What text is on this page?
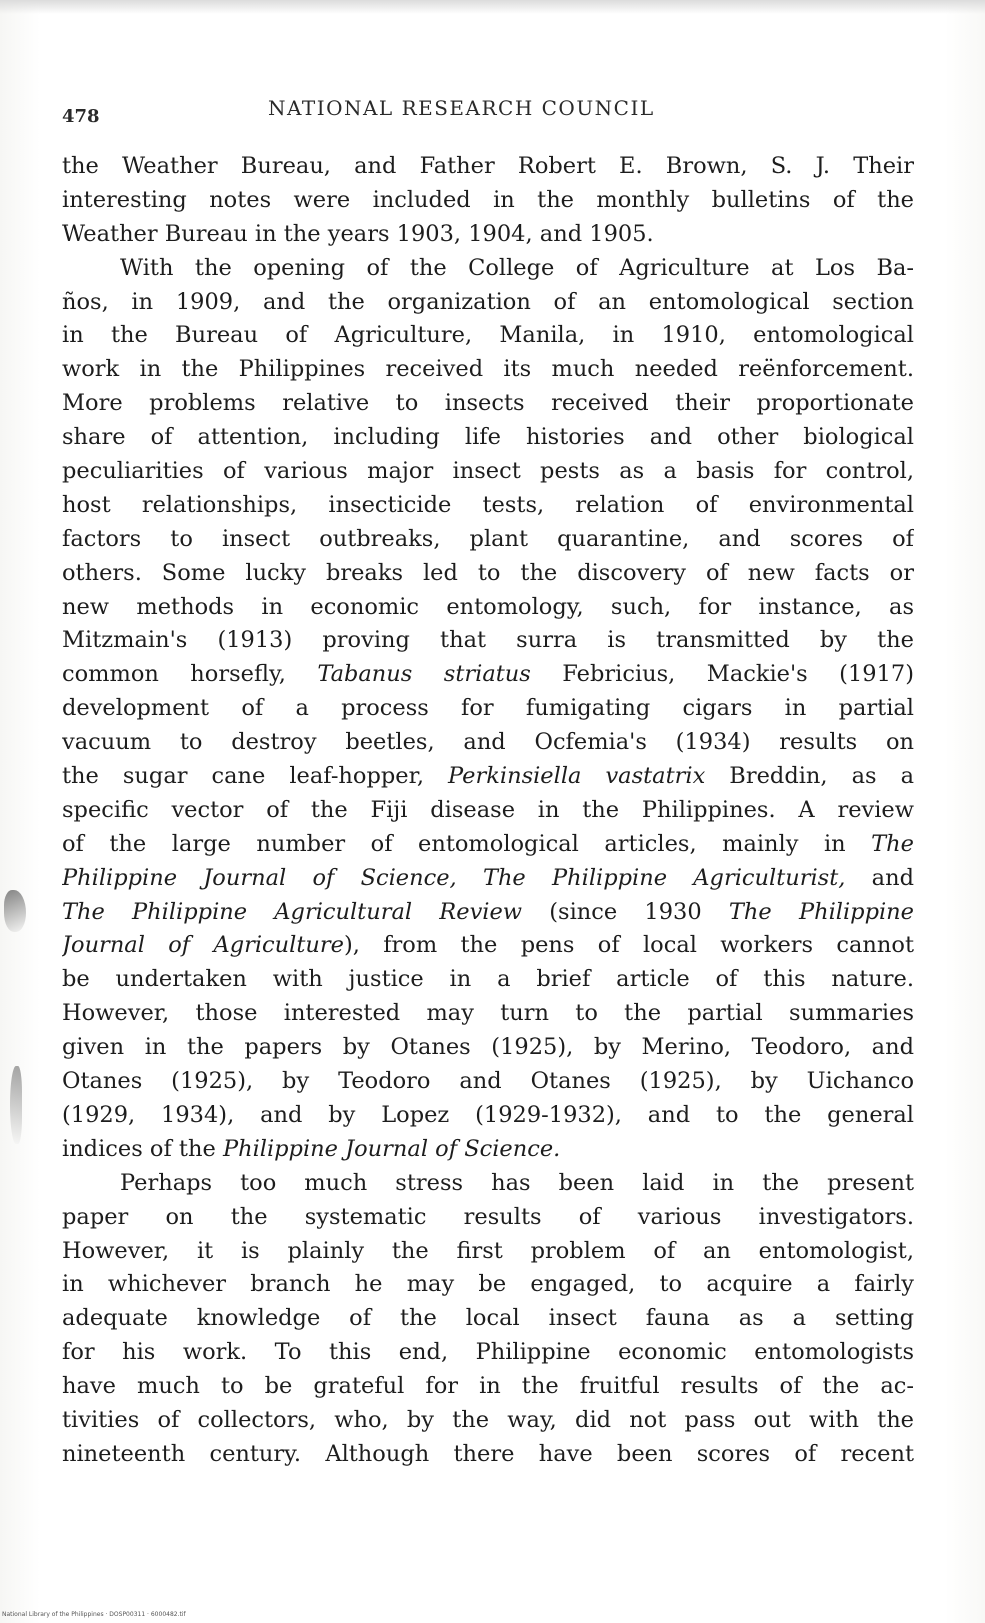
478	NATIONAL RESEARCH COUNCIL
the Weather Bureau, and Father Robert E. Brown, S. J. Their
interesting notes were included in the monthly bulletins of the
Weather Bureau in the years 1903, 1904, and 1905.
With the opening of the College of Agriculture at Los Ba-
ños, in 1909, and the organization of an entomological section
in the Bureau of Agriculture, Manila, in 1910, entomological
work in the Philippines received its much needed reënforcement.
More problems relative to insects received their proportionate
share of attention, including life histories and other biological
peculiarities of various major insect pests as a basis for control,
host relationships, insecticide tests, relation of environmental
factors to insect outbreaks, plant quarantine, and scores of
others. Some lucky breaks led to the discovery of new facts or
new methods in economic entomology, such, for instance, as
Mitzmain's (1913) proving that surra is transmitted by the
common horsefly, Tabanus striatus Febricius, Mackie's (1917)
development of a process for fumigating cigars in partial
vacuum to destroy beetles, and Ocfemia's (1934) results on
the sugar cane leaf-hopper, Perkinsiella vastatrix Breddin, as a
specific vector of the Fiji disease in the Philippines. A review
of the large number of entomological articles, mainly in The
Philippine Journal of Science, The Philippine Agriculturist, and
The Philippine Agricultural Review (since 1930 The Philippine
Journal of Agriculture), from the pens of local workers cannot
be undertaken with justice in a brief article of this nature.
However, those interested may turn to the partial summaries
given in the papers by Otanes (1925), by Merino, Teodoro, and
Otanes (1925), by Teodoro and Otanes (1925), by Uichanco
(1929, 1934), and by Lopez (1929-1932), and to the general
indices of the Philippine Journal of Science.
Perhaps too much stress has been laid in the present
paper on the systematic results of various investigators.
However, it is plainly the first problem of an entomologist,
in whichever branch he may be engaged, to acquire a fairly
adequate knowledge of the local insect fauna as a setting
for his work. To this end, Philippine economic entomologists
have much to be grateful for in the fruitful results of the ac-
tivities of collectors, who, by the way, did not pass out with the
nineteenth century. Although there have been scores of recent
National Library of the Philippines · DOSP00311 · 6000482.tif
